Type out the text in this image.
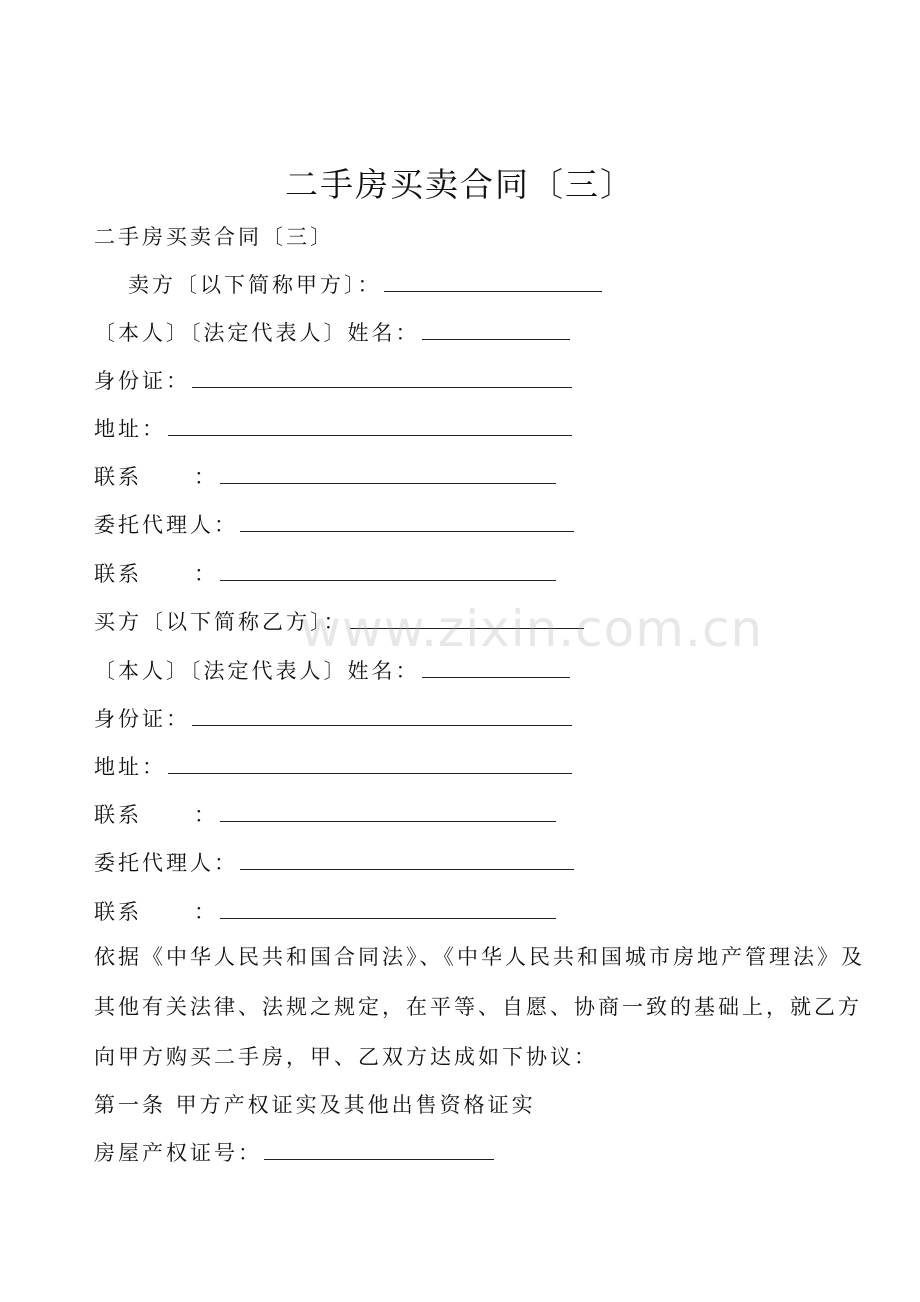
二手房买卖合同〔三〕
二手房买卖合同〔三〕
卖方〔以下简称甲方〕：
〔本人〕〔法定代表人〕姓名：
身份证：
地址：
联系 ：
委托代理人：
联系 ：
买方〔以下简称乙方〕：
〔本人〕〔法定代表人〕姓名：
身份证：
地址：
联系 ：
委托代理人：
联系 ：
依据《中华人民共和国合同法》、《中华人民共和国城市房地产管理法》及
其他有关法律、法规之规定，在平等、自愿、协商一致的基础上，就乙方
向甲方购买二手房，甲、乙双方达成如下协议：
第一条 甲方产权证实及其他出售资格证实
房屋产权证号：
www.zixin.com.cn
